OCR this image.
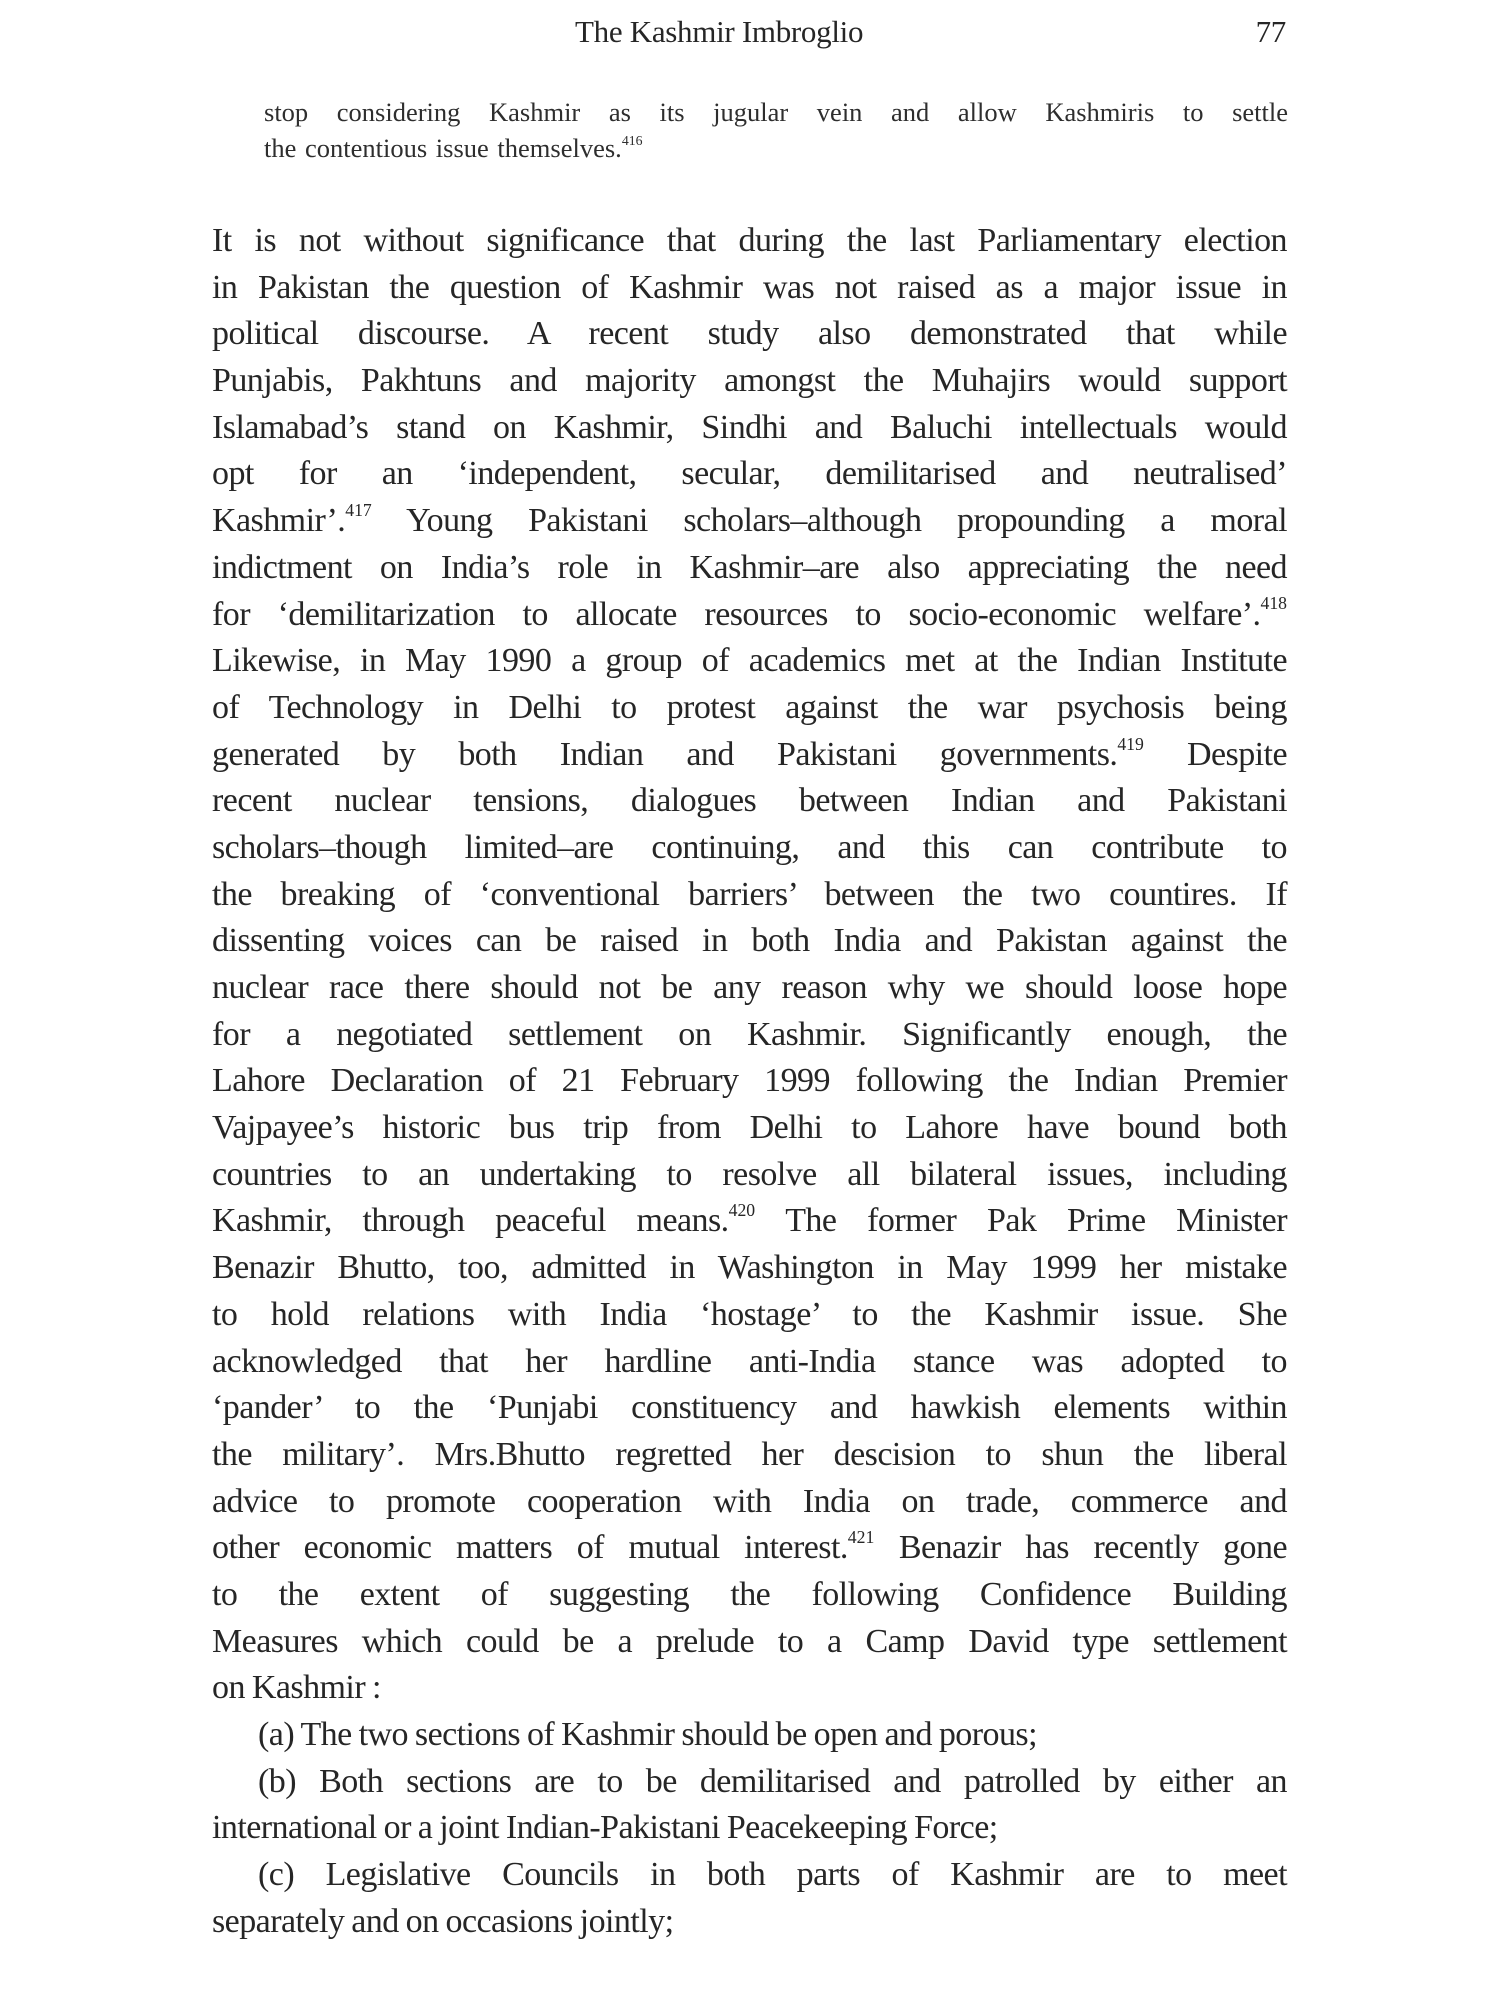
The Kashmir Imbroglio	77
stop considering Kashmir as its jugular vein and allow Kashmiris to settle
the contentious issue themselves.$^{416}$
It is not without significance that during the last Parliamentary election
in Pakistan the question of Kashmir was not raised as a major issue in
political discourse. A recent study also demonstrated that while
Punjabis, Pakhtuns and majority amongst the Muhajirs would support
Islamabad’s stand on Kashmir, Sindhi and Baluchi intellectuals would
opt for an ‘independent, secular, demilitarised and neutralised’
Kashmir’.$^{417}$ Young Pakistani scholars–although propounding a moral
indictment on India’s role in Kashmir–are also appreciating the need
for ‘demilitarization to allocate resources to socio-economic welfare’.$^{418}$
Likewise, in May 1990 a group of academics met at the Indian Institute
of Technology in Delhi to protest against the war psychosis being
generated by both Indian and Pakistani governments.$^{419}$ Despite
recent nuclear tensions, dialogues between Indian and Pakistani
scholars–though limited–are continuing, and this can contribute to
the breaking of ‘conventional barriers’ between the two countires. If
dissenting voices can be raised in both India and Pakistan against the
nuclear race there should not be any reason why we should loose hope
for a negotiated settlement on Kashmir. Significantly enough, the
Lahore Declaration of 21 February 1999 following the Indian Premier
Vajpayee’s historic bus trip from Delhi to Lahore have bound both
countries to an undertaking to resolve all bilateral issues, including
Kashmir, through peaceful means.$^{420}$ The former Pak Prime Minister
Benazir Bhutto, too, admitted in Washington in May 1999 her mistake
to hold relations with India ‘hostage’ to the Kashmir issue. She
acknowledged that her hardline anti-India stance was adopted to
‘pander’ to the ‘Punjabi constituency and hawkish elements within
the military’. Mrs.Bhutto regretted her descision to shun the liberal
advice to promote cooperation with India on trade, commerce and
other economic matters of mutual interest.$^{421}$ Benazir has recently gone
to the extent of suggesting the following Confidence Building
Measures which could be a prelude to a Camp David type settlement
on Kashmir :
(a) The two sections of Kashmir should be open and porous;
(b) Both sections are to be demilitarised and patrolled by either an
international or a joint Indian-Pakistani Peacekeeping Force;
(c) Legislative Councils in both parts of Kashmir are to meet
separately and on occasions jointly;
